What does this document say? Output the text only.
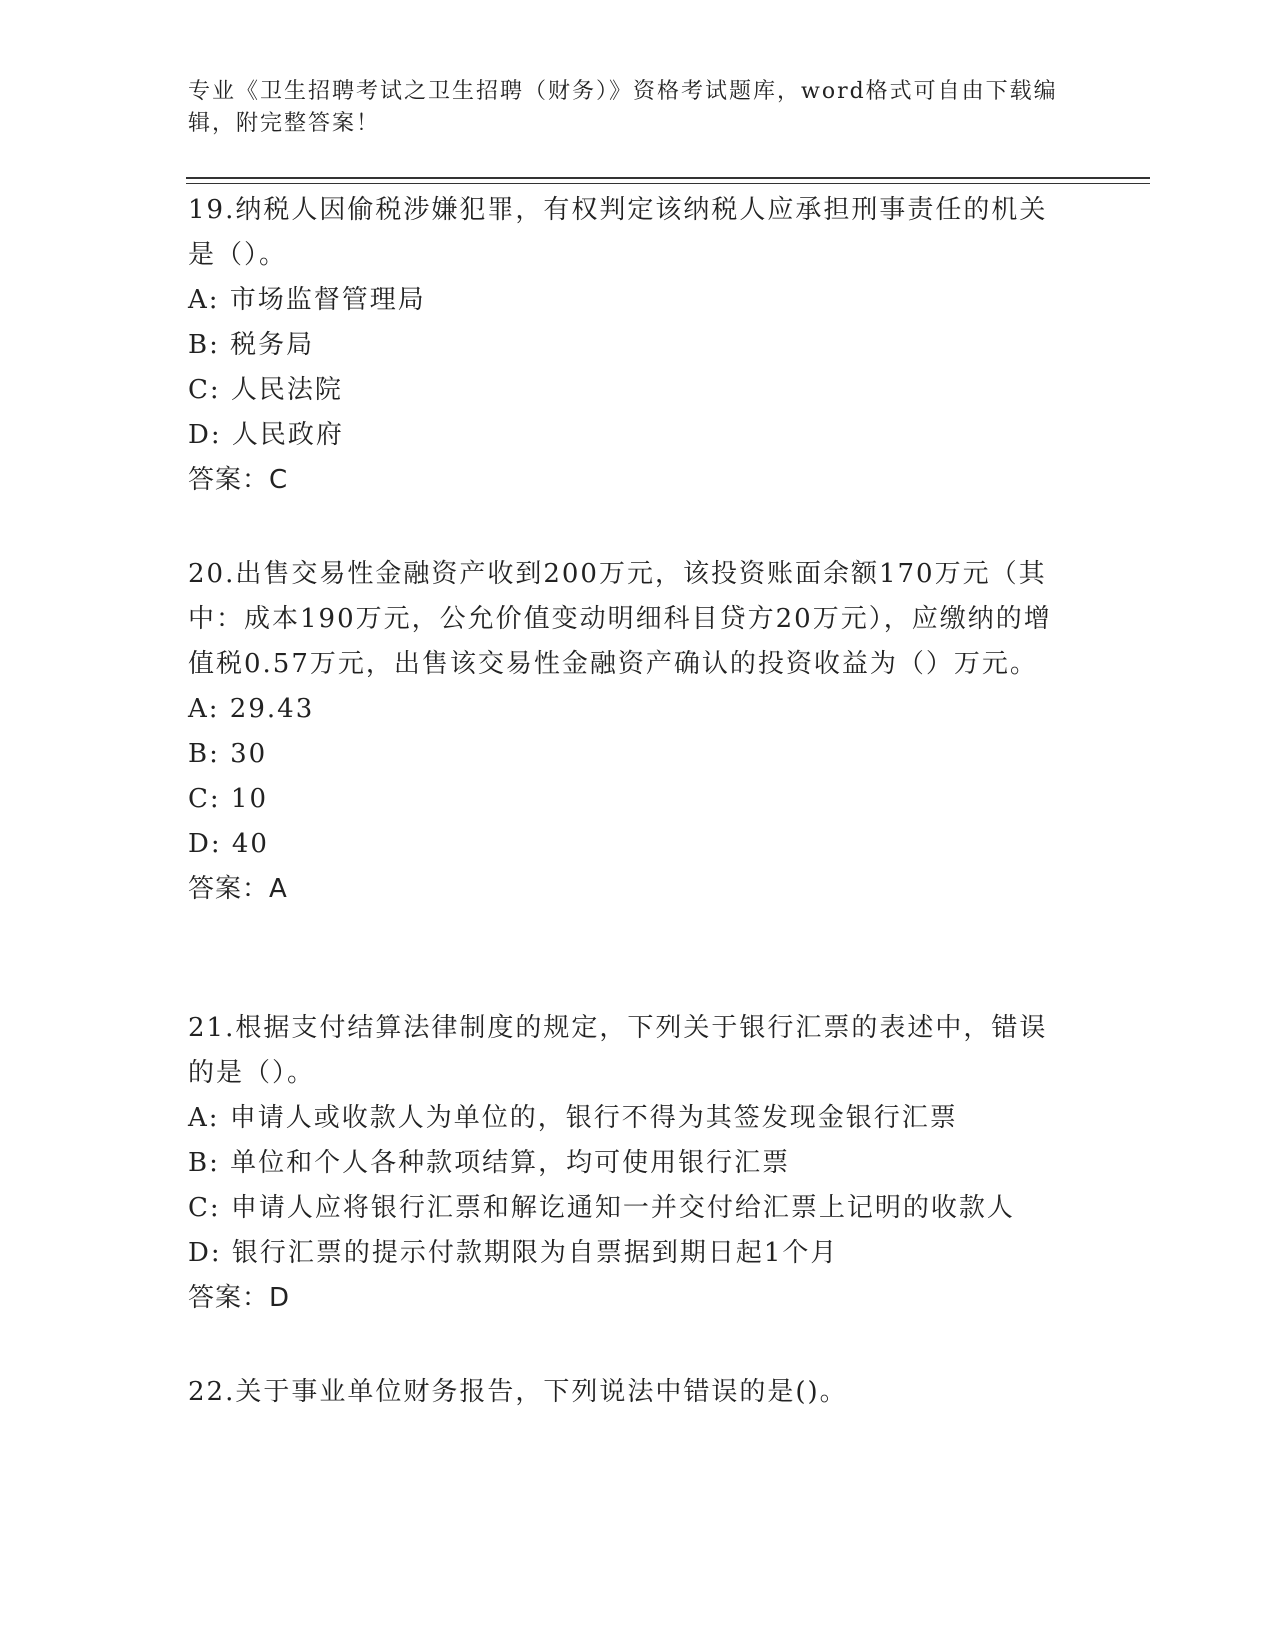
专业《卫生招聘考试之卫生招聘（财务）》资格考试题库，word格式可自由下载编辑，附完整答案！

19.纳税人因偷税涉嫌犯罪，有权判定该纳税人应承担刑事责任的机关是（）。

A: 市场监督管理局

B: 税务局

C: 人民法院

D: 人民政府

答案：C

20.出售交易性金融资产收到200万元，该投资账面余额170万元（其中：成本190万元，公允价值变动明细科目贷方20万元），应缴纳的增值税0.57万元，出售该交易性金融资产确认的投资收益为（）万元。

A: 29.43

B: 30

C: 10

D: 40

答案：A

21.根据支付结算法律制度的规定，下列关于银行汇票的表述中，错误的是（）。

A: 申请人或收款人为单位的，银行不得为其签发现金银行汇票

B: 单位和个人各种款项结算，均可使用银行汇票

C: 申请人应将银行汇票和解讫通知一并交付给汇票上记明的收款人

D: 银行汇票的提示付款期限为自票据到期日起1个月

答案：D

22.关于事业单位财务报告，下列说法中错误的是()。
